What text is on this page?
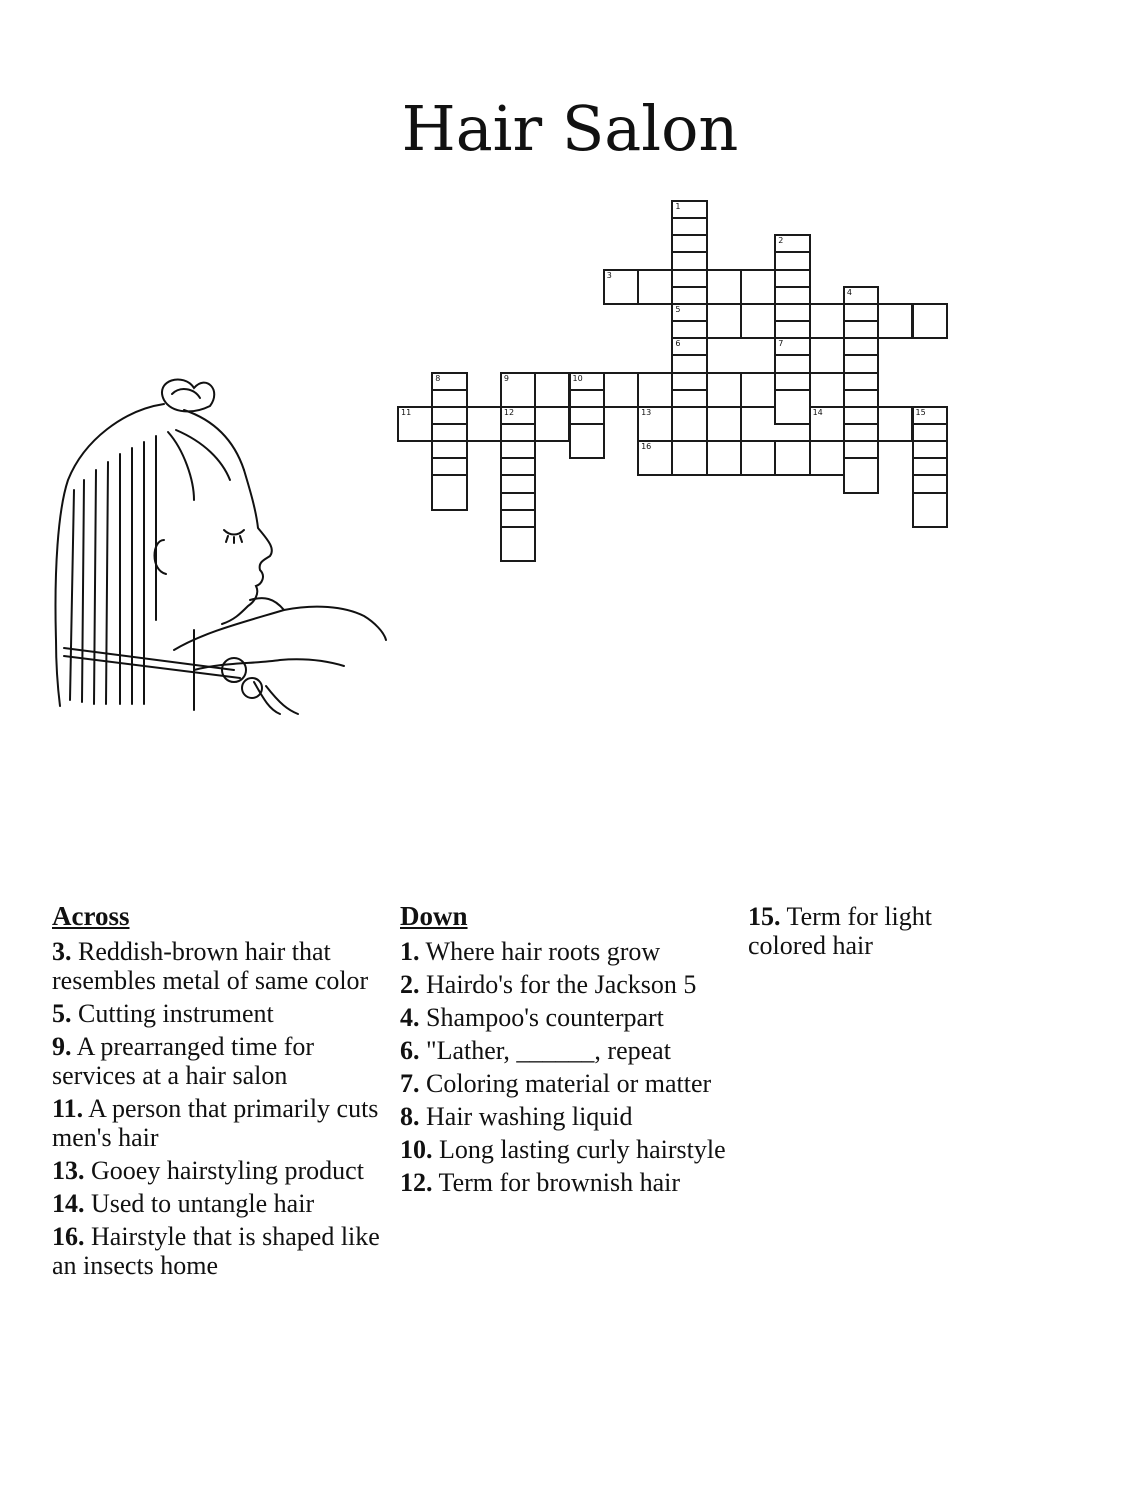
Hair Salon
1
5
2
3
4
6	7
8	9	10
11	12	13	14	15
16
Across

3. Reddish-brown hair that resembles metal of same color

5. Cutting instrument

9. A prearranged time for services at a hair salon

11. A person that primarily cuts men's hair

13. Gooey hairstyling product

14. Used to untangle hair

16. Hairstyle that is shaped like an insects home

Down

1. Where hair roots grow

2. Hairdo's for the Jackson 5

4. Shampoo's counterpart

6. "Lather, ______, repeat

7. Coloring material or matter

8. Hair washing liquid

10. Long lasting curly hairstyle

12. Term for brownish hair

15. Term for light colored hair
